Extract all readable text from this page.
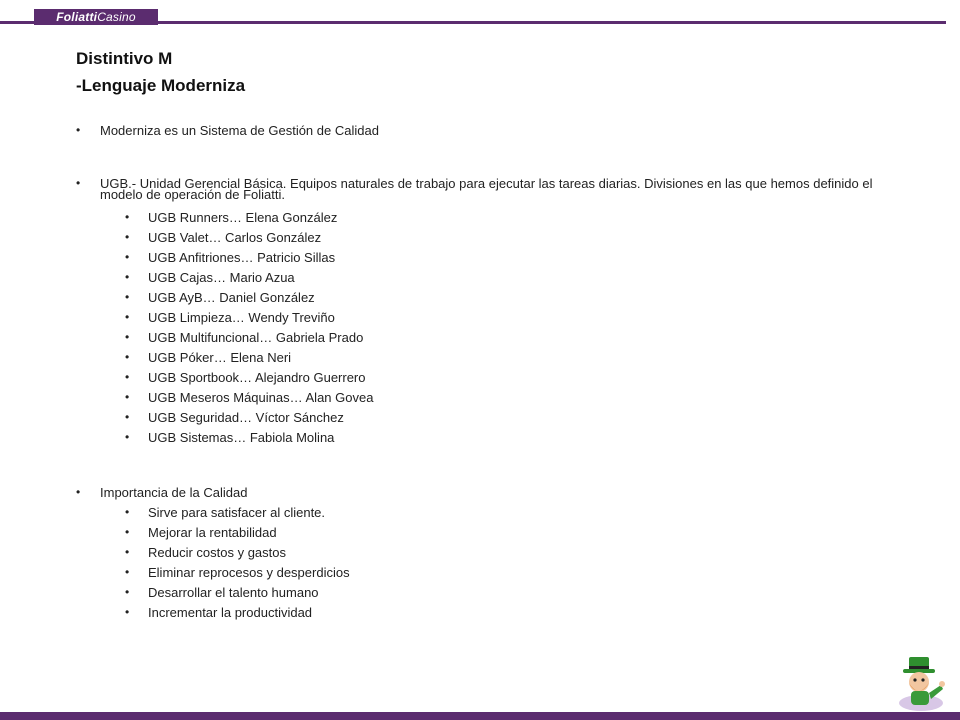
FoliattiCasino
Distintivo M
-Lenguaje Moderniza
• Moderniza es un Sistema de Gestión de Calidad
• UGB.- Unidad Gerencial Básica. Equipos naturales de trabajo para ejecutar las tareas diarias. Divisiones en las que hemos definido el modelo de operación de Foliatti.
• UGB Runners… Elena González
• UGB Valet… Carlos González
• UGB Anfitriones… Patricio Sillas
• UGB Cajas… Mario Azua
• UGB AyB… Daniel González
• UGB Limpieza… Wendy Treviño
• UGB Multifuncional… Gabriela Prado
• UGB Póker… Elena Neri
• UGB Sportbook… Alejandro Guerrero
• UGB Meseros Máquinas… Alan Govea
• UGB Seguridad… Víctor Sánchez
• UGB Sistemas… Fabiola Molina
• Importancia de la Calidad
• Sirve para satisfacer al cliente.
• Mejorar la rentabilidad
• Reducir costos y gastos
• Eliminar reprocesos y desperdicios
• Desarrollar el talento humano
• Incrementar la productividad
